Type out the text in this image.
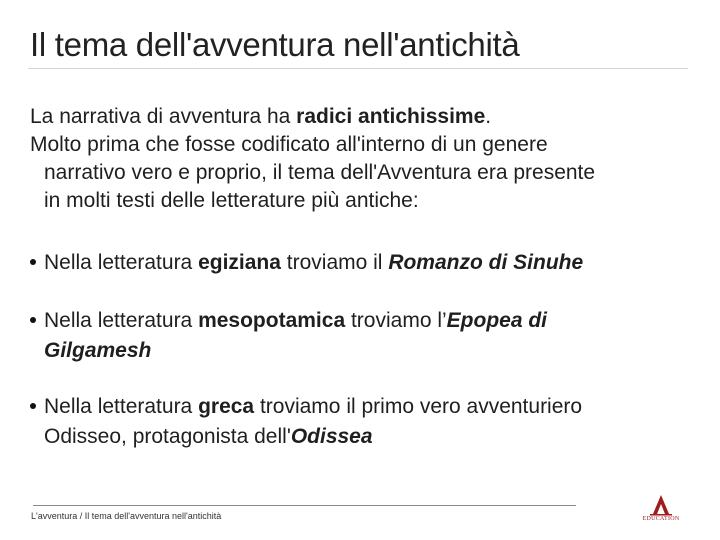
Il tema dell'avventura nell'antichità
La narrativa di avventura ha radici antichissime.
Molto prima che fosse codificato all'interno di un genere
narrativo vero e proprio, il tema dell'Avventura era presente
in molti testi delle letterature più antiche:
Nella letteratura egiziana troviamo il Romanzo di Sinuhe
Nella letteratura mesopotamica troviamo l’Epopea di
Gilgamesh
Nella letteratura greca troviamo il primo vero avventuriero
Odisseo, protagonista dell'Odissea
L'avventura / Il tema dell'avventura nell'antichità	EDUCATION
